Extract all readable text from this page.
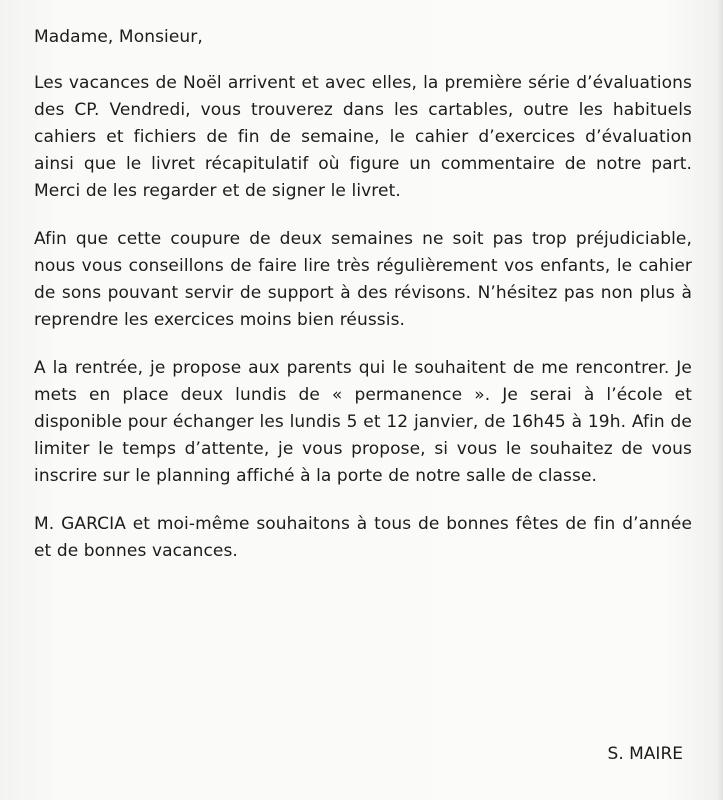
Madame, Monsieur,

Les vacances de Noël arrivent et avec elles, la première série d’évaluations des CP. Vendredi, vous trouverez dans les cartables, outre les habituels cahiers et fichiers de fin de semaine, le cahier d’exercices d’évaluation ainsi que le livret récapitulatif où figure un commentaire de notre part. Merci de les regarder et de signer le livret.

Afin que cette coupure de deux semaines ne soit pas trop préjudiciable, nous vous conseillons de faire lire très régulièrement vos enfants, le cahier de sons pouvant servir de support à des révisons. N’hésitez pas non plus à reprendre les exercices moins bien réussis.

A la rentrée, je propose aux parents qui le souhaitent de me rencontrer. Je mets en place deux lundis de « permanence ». Je serai à l’école et disponible pour échanger les lundis 5 et 12 janvier, de 16h45 à 19h. Afin de limiter le temps d’attente, je vous propose, si vous le souhaitez de vous inscrire sur le planning affiché à la porte de notre salle de classe.

M. GARCIA et moi-même souhaitons à tous de bonnes fêtes de fin d’année et de bonnes vacances.

S. MAIRE
